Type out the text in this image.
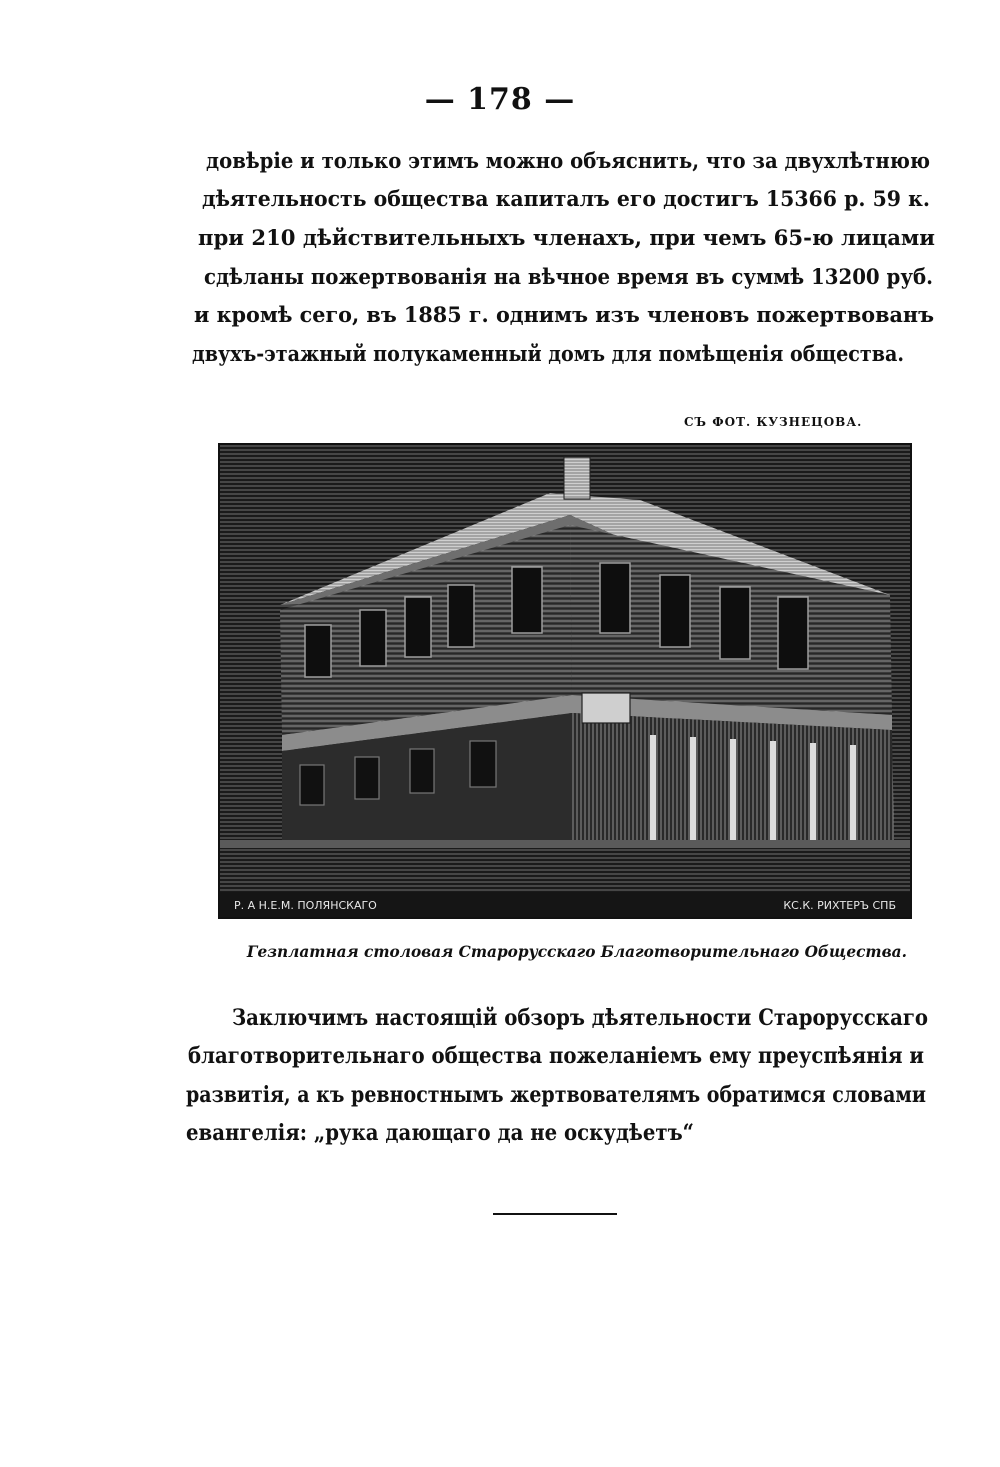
— 178 —
довѣріе и только этимъ можно объяснить, что за двухлѣтнюю
дѣятельность общества капиталъ его достигъ 15366 р. 59 к.
при 210 дѣйствительныхъ членахъ, при чемъ 65-ю лицами
сдѣланы пожертвованія на вѣчное время въ суммѣ 13200 руб.
и кромѣ сего, въ 1885 г. однимъ изъ членовъ пожертвованъ
двухъ-этажный полукаменный домъ для помѣщенія общества.
СЪ ФОТ. КУЗНЕЦОВА.
Р. А Н.Е.М. ПОЛЯНСКАГО	КС.К. РИХТЕРЪ СПБ
Гезплатная столовая Старорусскаго Благотворительнаго Общества.
Заключимъ настоящій обзоръ дѣятельности Старорусскаго
благотворительнаго общества пожеланіемъ ему преуспѣянія и
развитія, а къ ревностнымъ жертвователямъ обратимся словами
евангелія: „рука дающаго да не оскудѣетъ“
